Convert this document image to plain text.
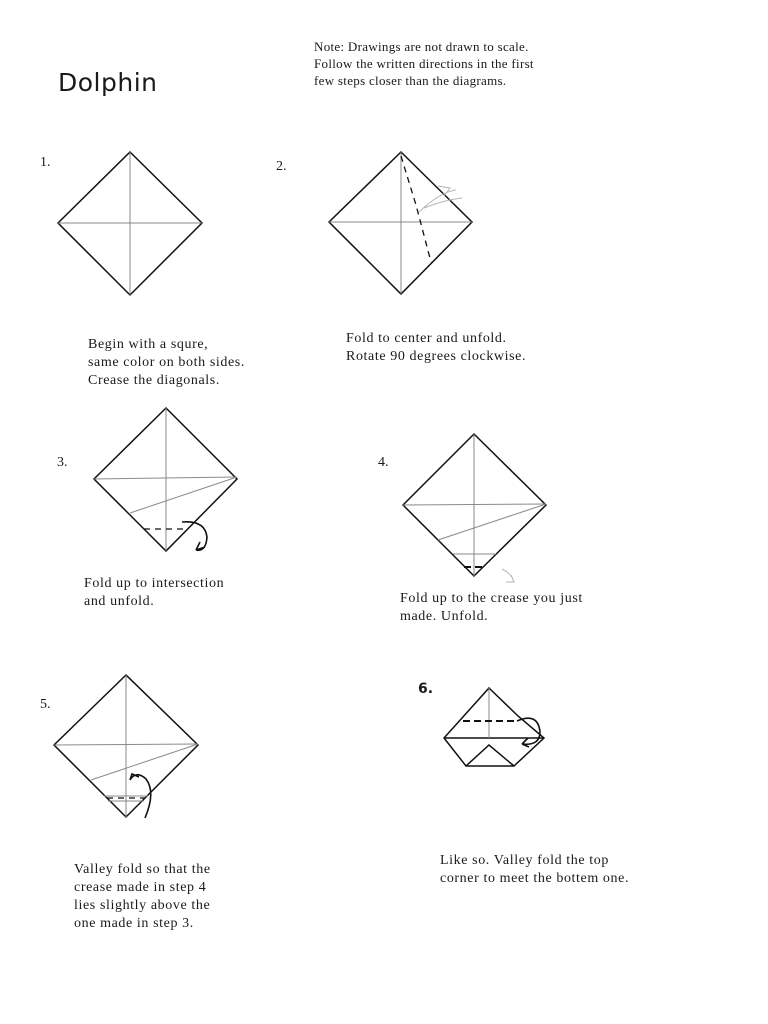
Dolphin
Note: Drawings are not drawn to scale.
Follow the written directions in the first
few steps closer than the diagrams.
1.	2.
3.	4.
5.
6.
Begin with a squre,
same color on both sides.
Crease the diagonals.
Fold to center and unfold.
Rotate 90 degrees clockwise.
Fold up to intersection
and unfold.	Fold up to the crease you just
made. Unfold.
Valley fold so that the
crease made in step 4
lies slightly above the
one made in step 3.
Like so. Valley fold the top
corner to meet the bottem one.
